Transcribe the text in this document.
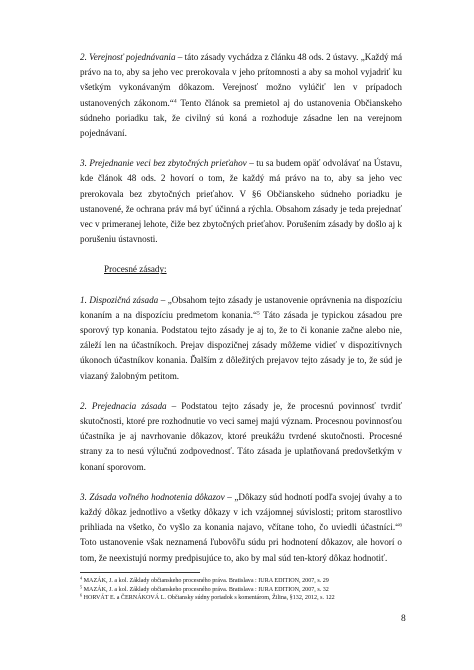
2. Verejnosť pojednávania – táto zásady vychádza z článku 48 ods. 2 ústavy. „Každý má právo na to, aby sa jeho vec prerokovala v jeho prítomnosti a aby sa mohol vyjadriť ku všetkým vykonávaným dôkazom. Verejnosť možno vylúčiť len v prípadoch ustanovených zákonom.“$^4$ Tento článok sa premietol aj do ustanovenia Občianskeho súdneho poriadku tak, že civilný sú koná a rozhoduje zásadne len na verejnom pojednávaní.

3. Prejednanie veci bez zbytočných prieťahov – tu sa budem opäť odvolávať na Ústavu, kde článok 48 ods. 2 hovorí o tom, že každý má právo na to, aby sa jeho vec prerokovala bez zbytočných prieťahov. V §6 Občianskeho súdneho poriadku je ustanovené, že ochrana práv má byť účinná a rýchla. Obsahom zásady je teda prejednať vec v primeranej lehote, čiže bez zbytočných prieťahov. Porušením zásady by došlo aj k porušeniu ústavnosti.

Procesné zásady:

1. Dispozičná zásada – „Obsahom tejto zásady je ustanovenie oprávnenia na dispozíciu konaním a na dispozíciu predmetom konania.“$^5$ Táto zásada je typickou zásadou pre sporový typ konania. Podstatou tejto zásady je aj to, že to či konanie začne alebo nie, záleží len na účastníkoch. Prejav dispozičnej zásady môžeme vidieť v dispozitívnych úkonoch účastníkov konania. Ďalším z dôležitých prejavov tejto zásady je to, že súd je viazaný žalobným petitom.

2. Prejednacia zásada – Podstatou tejto zásady je, že procesnú povinnosť tvrdiť skutočnosti, ktoré pre rozhodnutie vo veci samej majú význam. Procesnou povinnosťou účastníka je aj navrhovanie dôkazov, ktoré preukážu tvrdené skutočnosti. Procesné strany za to nesú výlučnú zodpovednosť. Táto zásada je uplatňovaná predovšetkým v konaní sporovom.

3. Zásada voľného hodnotenia dôkazov – „Dôkazy súd hodnotí podľa svojej úvahy a to každý dôkaz jednotlivo a všetky dôkazy v ich vzájomnej súvislosti; pritom starostlivo prihliada na všetko, čo vyšlo za konania najavo, včítane toho, čo uviedli účastníci.“$^6$ Toto ustanovenie však neznamená ľubovôľu súdu pri hodnotení dôkazov, ale hovorí o tom, že neexistujú normy predpisujúce to, ako by mal súd ten-ktorý dôkaz hodnotiť.

$^4$ MAZÁK, J. a kol. Základy občianskeho procesného práva. Bratislava : IURA EDITION, 2007, s. 29
$^5$ MAZÁK, J. a kol. Základy občianskeho procesného práva. Bratislava : IURA EDITION, 2007, s. 32
$^6$ HORVÁT E. a ČERNÁKOVÁ L. Občiansky súdny poriadok s komentárom, Žilina, §132, 2012, s. 122
8
